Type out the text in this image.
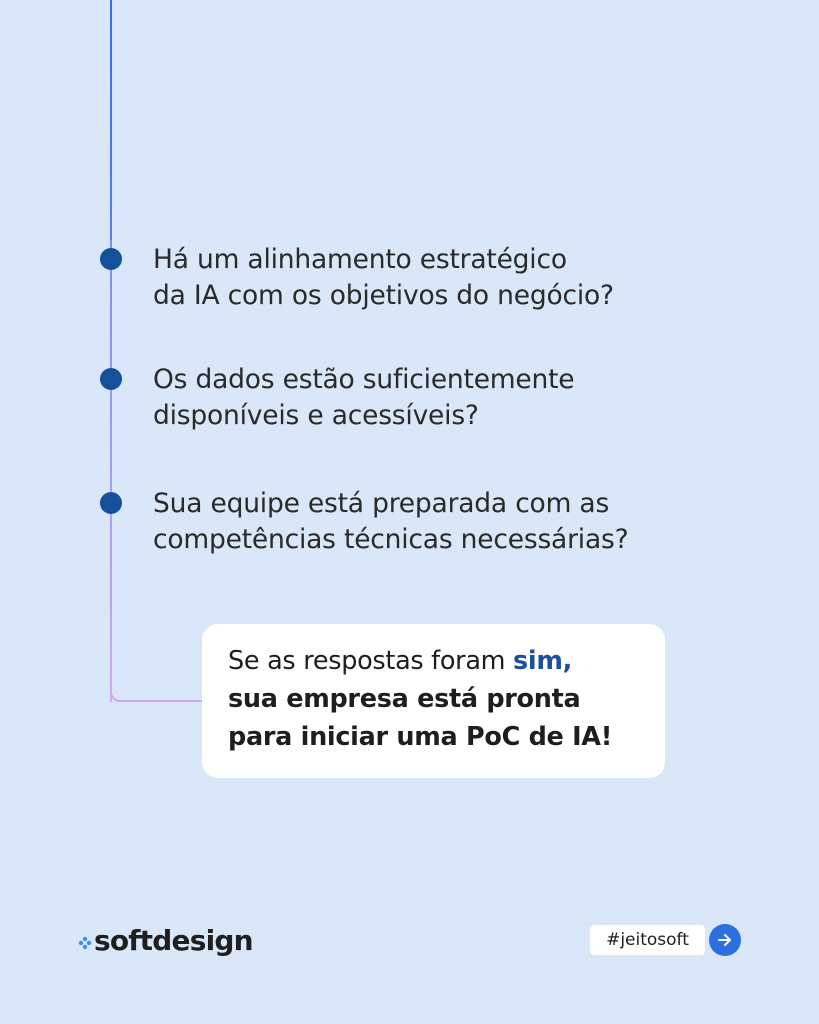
Há um alinhamento estratégico
da IA com os objetivos do negócio?
Os dados estão suficientemente
disponíveis e acessíveis?
Sua equipe está preparada com as
competências técnicas necessárias?
Se as respostas foram sim,
sua empresa está pronta
para iniciar uma PoC de IA!
softdesign	#jeitosoft
